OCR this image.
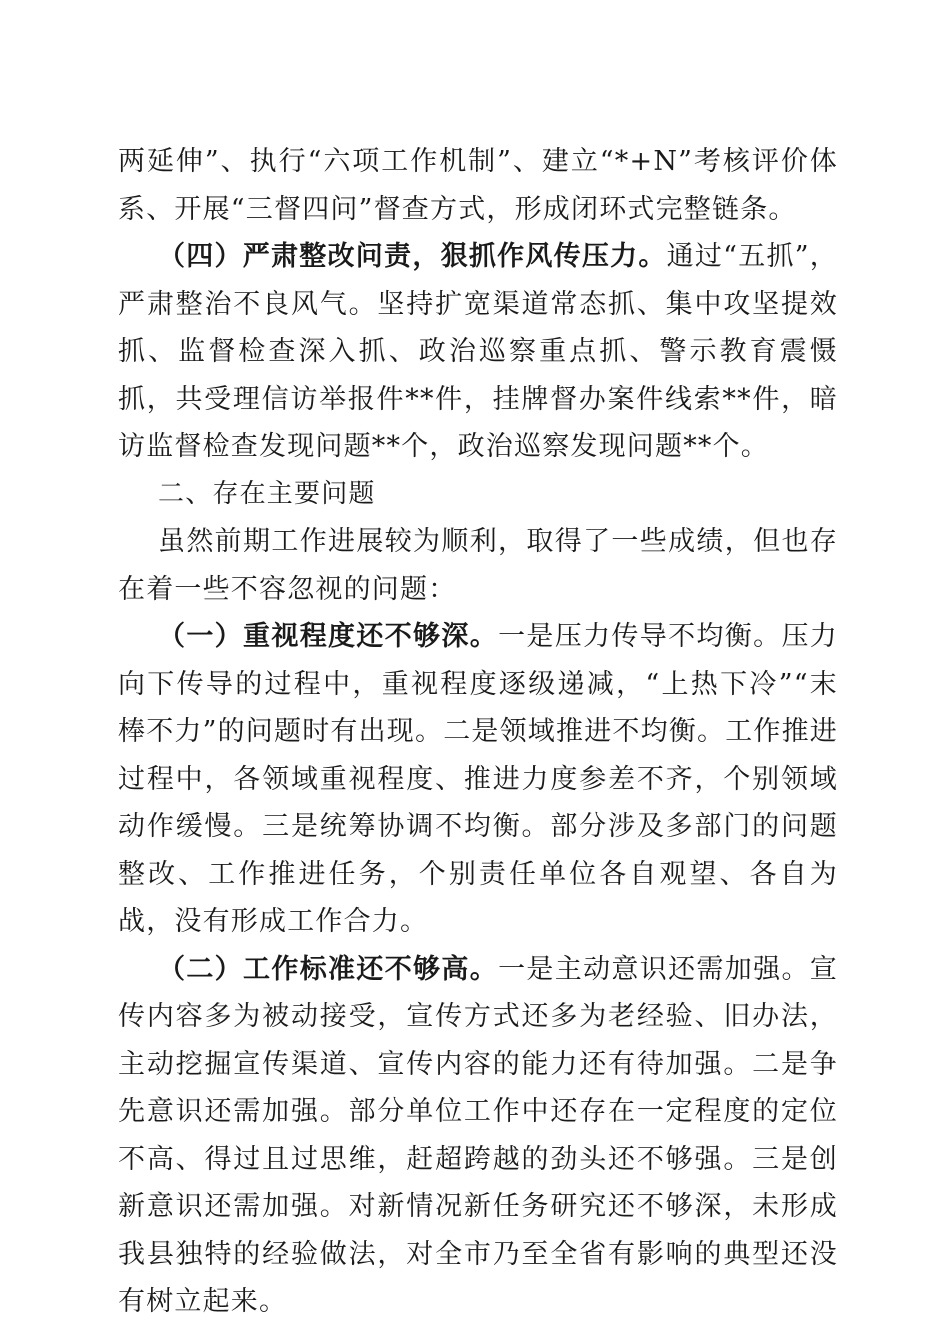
两延伸”、执行“六项工作机制”、建立“*+N”考核评价体系、开展“三督四问”督查方式，形成闭环式完整链条。

（四）严肃整改问责，狠抓作风传压力。通过“五抓”，严肃整治不良风气。坚持扩宽渠道常态抓、集中攻坚提效抓、监督检查深入抓、政治巡察重点抓、警示教育震慑抓，共受理信访举报件**件，挂牌督办案件线索**件，暗访监督检查发现问题**个，政治巡察发现问题**个。

二、存在主要问题

虽然前期工作进展较为顺利，取得了一些成绩，但也存在着一些不容忽视的问题：

（一）重视程度还不够深。一是压力传导不均衡。压力向下传导的过程中，重视程度逐级递减，“上热下冷”“末棒不力”的问题时有出现。二是领域推进不均衡。工作推进过程中，各领域重视程度、推进力度参差不齐，个别领域动作缓慢。三是统筹协调不均衡。部分涉及多部门的问题整改、工作推进任务，个别责任单位各自观望、各自为战，没有形成工作合力。

（二）工作标准还不够高。一是主动意识还需加强。宣传内容多为被动接受，宣传方式还多为老经验、旧办法，主动挖掘宣传渠道、宣传内容的能力还有待加强。二是争先意识还需加强。部分单位工作中还存在一定程度的定位不高、得过且过思维，赶超跨越的劲头还不够强。三是创新意识还需加强。对新情况新任务研究还不够深，未形成我县独特的经验做法，对全市乃至全省有影响的典型还没有树立起来。
